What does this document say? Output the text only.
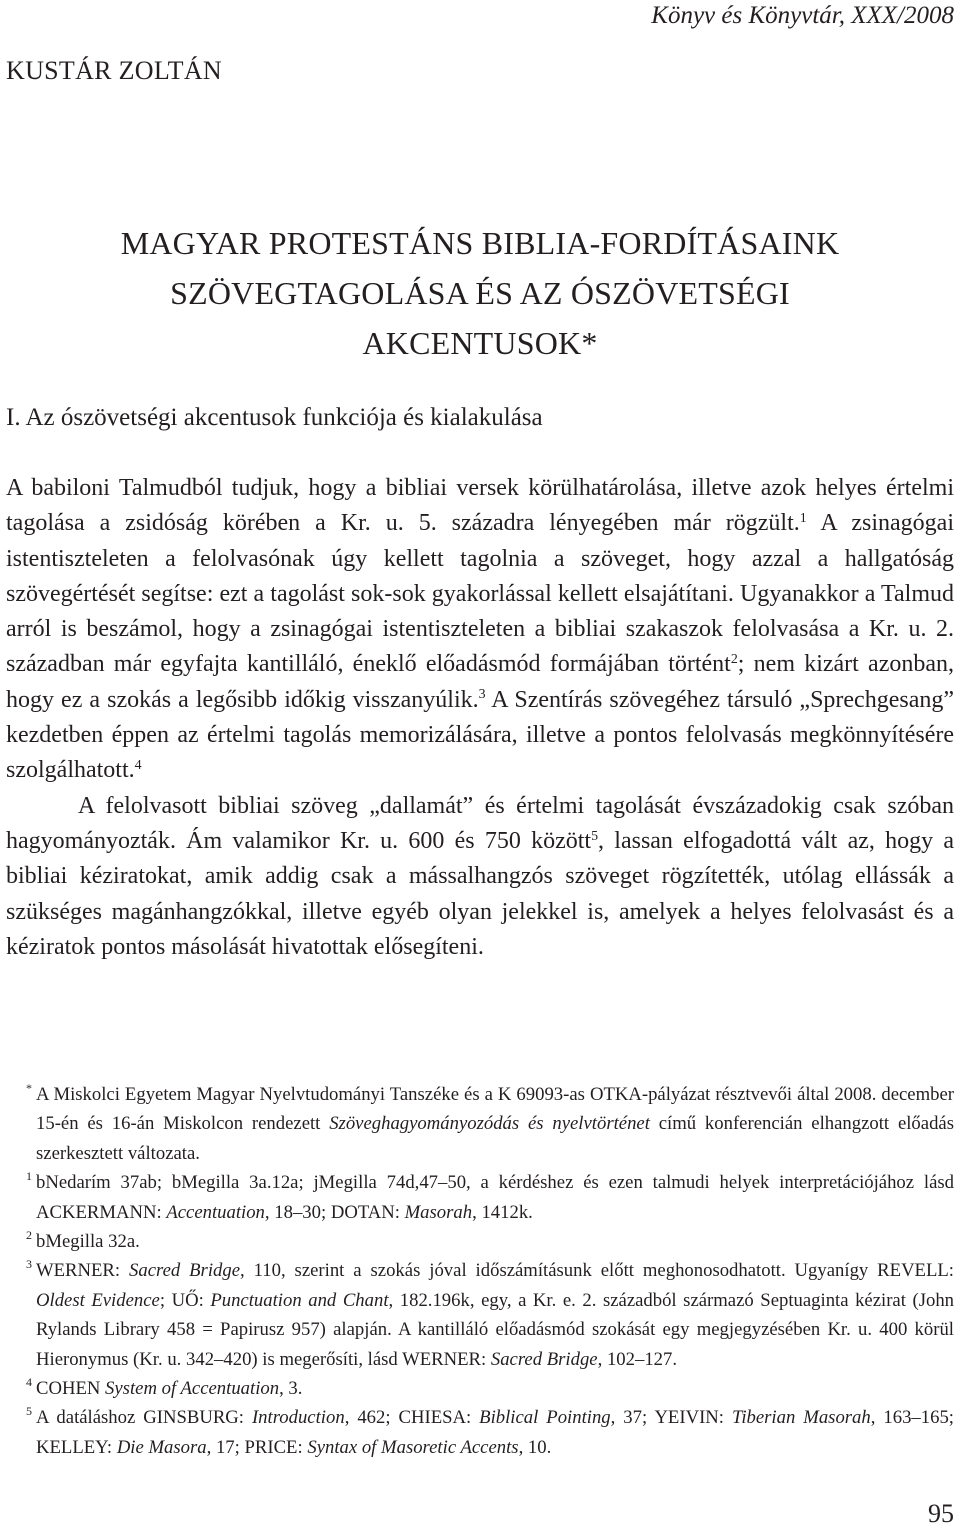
Könyv és Könyvtár, XXX/2008
KUSTÁR ZOLTÁN
MAGYAR PROTESTÁNS BIBLIA-FORDÍTÁSAINK
SZÖVEGTAGOLÁSA ÉS AZ ÓSZÖVETSÉGI
AKCENTUSOK*
I. Az ószövetségi akcentusok funkciója és kialakulása

A babiloni Talmudból tudjuk, hogy a bibliai versek körülhatárolása, illetve azok helyes értelmi tagolása a zsidóság körében a Kr. u. 5. századra lényegében már rögzült.$^1$ A zsinagógai istentiszteleten a felolvasónak úgy kellett tagolnia a szöveget, hogy azzal a hallgatóság szövegértését segítse: ezt a tagolást sok-sok gyakorlással kellett elsajátítani. Ugyanakkor a Talmud arról is beszámol, hogy a zsinagógai istentiszteleten a bibliai szakaszok felolvasása a Kr. u. 2. században már egyfajta kantilláló, éneklő előadásmód formájában történt$^2$; nem kizárt azonban, hogy ez a szokás a legősibb időkig visszanyúlik.$^3$ A Szentírás szövegéhez társuló „Sprechgesang” kezdetben éppen az értelmi tagolás memorizálására, illetve a pontos felolvasás megkönnyítésére szolgálhatott.$^4$

A felolvasott bibliai szöveg „dallamát” és értelmi tagolását évszázadokig csak szóban hagyományozták. Ám valamikor Kr. u. 600 és 750 között$^5$, lassan elfogadottá vált az, hogy a bibliai kéziratokat, amik addig csak a mássalhangzós szöveget rögzítették, utólag ellássák a szükséges magánhangzókkal, illetve egyéb olyan jelekkel is, amelyek a helyes felolvasást és a kéziratok pontos másolását hivatottak elősegíteni.

* A Miskolci Egyetem Magyar Nyelvtudományi Tanszéke és a K 69093-as OTKA-pályázat résztvevői által 2008. december 15-én és 16-án Miskolcon rendezett Szöveghagyományozódás és nyelvtörténet című konferencián elhangzott előadás szerkesztett változata.
1 bNedarím 37ab; bMegilla 3a.12a; jMegilla 74d,47–50, a kérdéshez és ezen talmudi helyek interpretációjához lásd ACKERMANN: Accentuation, 18–30; DOTAN: Masorah, 1412k.
2 bMegilla 32a.
3 WERNER: Sacred Bridge, 110, szerint a szokás jóval időszámításunk előtt meghonosodhatott. Ugyanígy REVELL: Oldest Evidence; UŐ: Punctuation and Chant, 182.196k, egy, a Kr. e. 2. századból származó Septuaginta kézirat (John Rylands Library 458 = Papirusz 957) alapján. A kantilláló előadásmód szokását egy megjegyzésében Kr. u. 400 körül Hieronymus (Kr. u. 342–420) is megerősíti, lásd WERNER: Sacred Bridge, 102–127.
4 COHEN System of Accentuation, 3.
5 A datáláshoz GINSBURG: Introduction, 462; CHIESA: Biblical Pointing, 37; YEIVIN: Tiberian Masorah, 163–165; KELLEY: Die Masora, 17; PRICE: Syntax of Masoretic Accents, 10.
95
